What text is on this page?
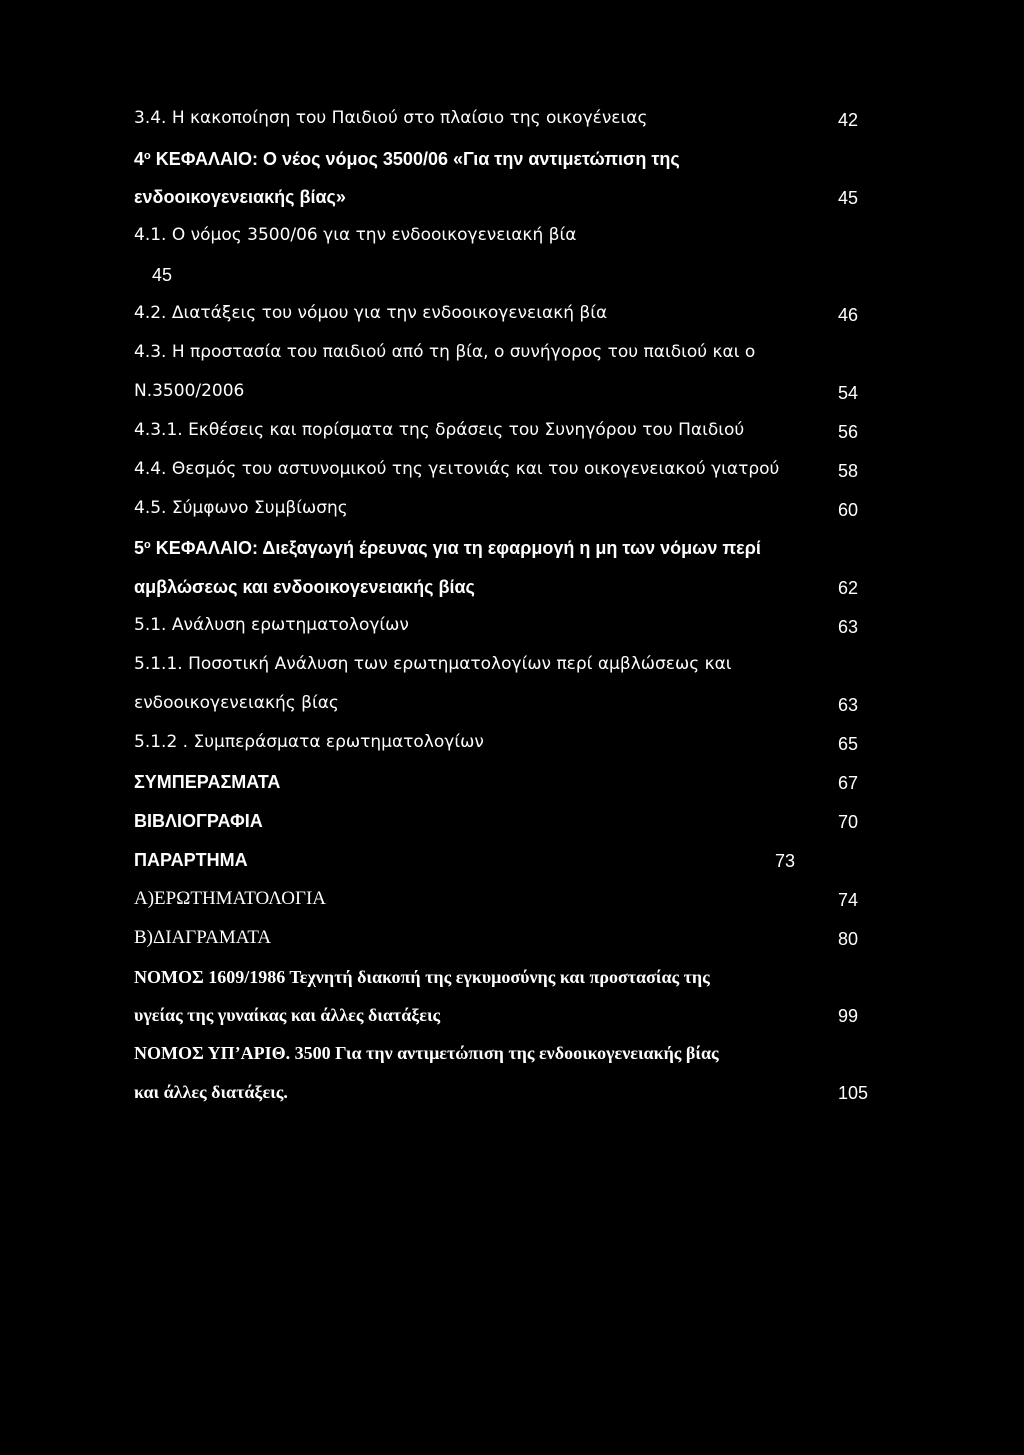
3.4. Η κακοποίηση του Παιδιού στο πλαίσιο της οικογένειας	42
$4^o$ ΚΕΦΑΛΑΙΟ: Ο νέος νόμος 3500/06 «Για την αντιμετώπιση της
ενδοοικογενειακής βίας»	45
4.1. Ο νόμος 3500/06 για την ενδοοικογενειακή βία
45
4.2. Διατάξεις του νόμου για την ενδοοικογενειακή βία	46
4.3. Η προστασία του παιδιού από τη βία, ο συνήγορος του παιδιού και ο
Ν.3500/2006	54
4.3.1. Εκθέσεις και πορίσματα της δράσεις του Συνηγόρου του Παιδιού	56
4.4. Θεσμός του αστυνομικού της γειτονιάς και του οικογενειακού γιατρού	58
4.5. Σύμφωνο Συμβίωσης	60
$5^o$ ΚΕΦΑΛΑΙΟ: Διεξαγωγή έρευνας για τη εφαρμογή η μη των νόμων περί
αμβλώσεως και ενδοοικογενειακής βίας	62
5.1. Ανάλυση ερωτηματολογίων	63
5.1.1. Ποσοτική Ανάλυση των ερωτηματολογίων περί αμβλώσεως και
ενδοοικογενειακής βίας	63
5.1.2 . Συμπεράσματα ερωτηματολογίων	65
ΣΥΜΠΕΡΑΣΜΑΤΑ	67
ΒΙΒΛΙΟΓΡΑΦΙΑ	70
ΠΑΡΑΡΤΗΜΑ	73
Α)ΕΡΩΤΗΜΑΤΟΛΟΓΙΑ	74
Β)ΔΙΑΓΡΑΜΑΤΑ	80
ΝΟΜΟΣ 1609/1986 Τεχνητή διακοπή της εγκυμοσύνης και προστασίας της
υγείας της γυναίκας και άλλες διατάξεις	99
ΝΟΜΟΣ ΥΠ’ΑΡΙΘ. 3500 Για την αντιμετώπιση της ενδοοικογενειακής βίας
και άλλες διατάξεις.	105
